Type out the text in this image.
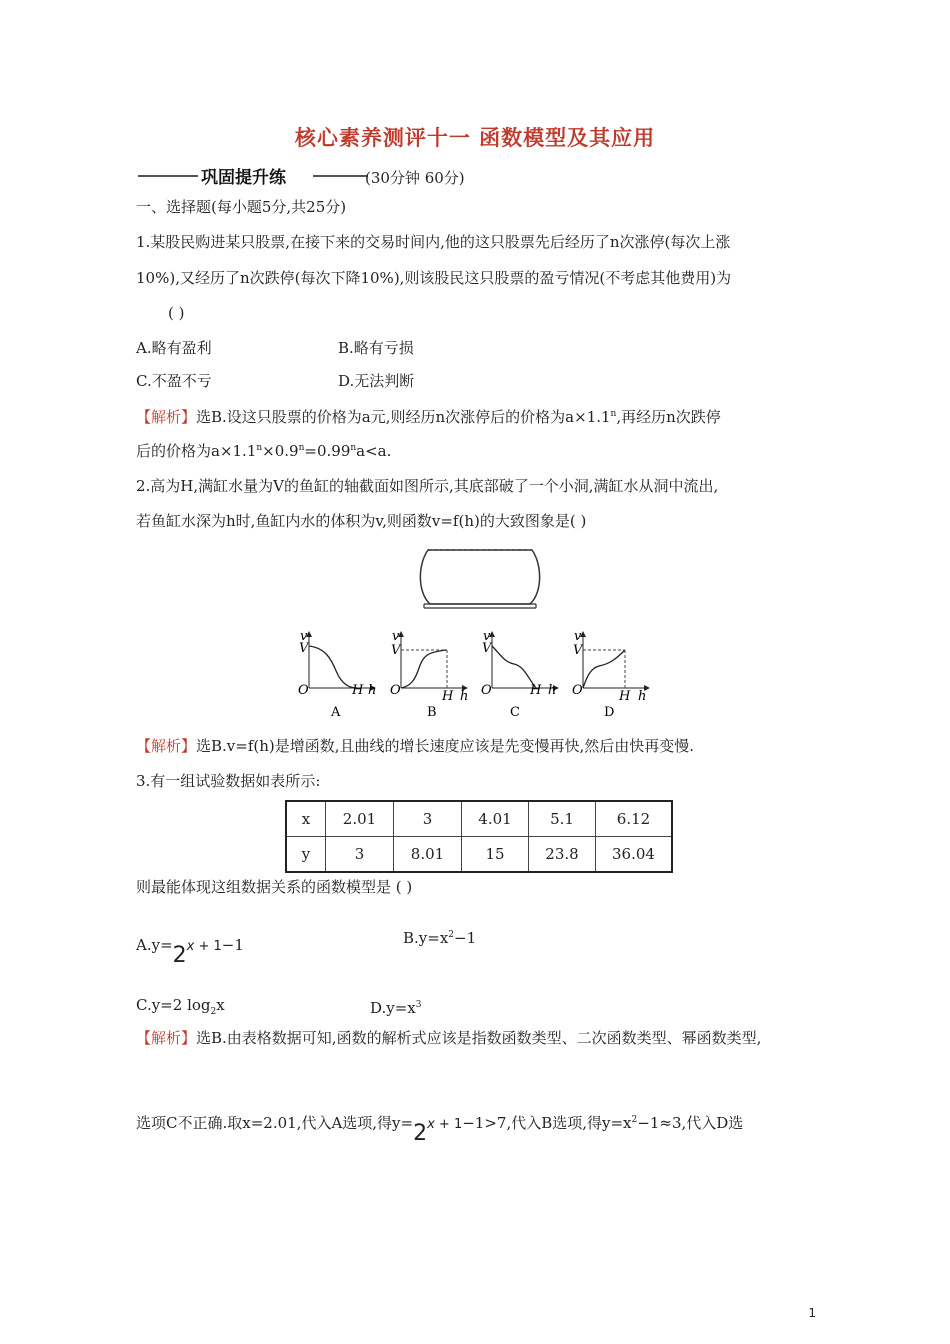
核心素养测评十一 函数模型及其应用
巩固提升练	(30分钟 60分)
一、选择题(每小题5分,共25分)
1.某股民购进某只股票,在接下来的交易时间内,他的这只股票先后经历了n次涨停(每次上涨
10%),又经历了n次跌停(每次下降10%),则该股民这只股票的盈亏情况(不考虑其他费用)为
( )
A.略有盈利	B.略有亏损
C.不盈不亏	D.无法判断
【解析】选B.设这只股票的价格为a元,则经历n次涨停后的价格为$a\times 1.1^n$,再经历n次跌停
后的价格为$a\times 1.1^n\times 0.9^n=0.99^na<a$.
2.高为H,满缸水量为V的鱼缸的轴截面如图所示,其底部破了一个小洞,满缸水从洞中流出,
若鱼缸水深为h时,鱼缸内水的体积为v,则函数v=f(h)的大致图象是( )
v
V
O	H h
A
v
V
O	H h
B
v
V
O	H h
C
v
V
O	H h
D
【解析】选B.v=f(h)是增函数,且曲线的增长速度应该是先变慢再快,然后由快再变慢.
3.有一组试验数据如表所示:
x	2.01	3	4.01	5.1	6.12
y	3	8.01	15	23.8	36.04
则最能体现这组数据关系的函数模型是 ( )
A.y=2x + 1−1	$B.y=x^2-1$
C.y=2 $\log_2x$	$D.y=x^3$
【解析】选B.由表格数据可知,函数的解析式应该是指数函数类型、二次函数类型、幂函数类型,
选项C不正确.取x=2.01,代入A选项,得y=2x + 1−1>7,代入B选项,得$y=x^2-1\approx 3$,代入D选
1
